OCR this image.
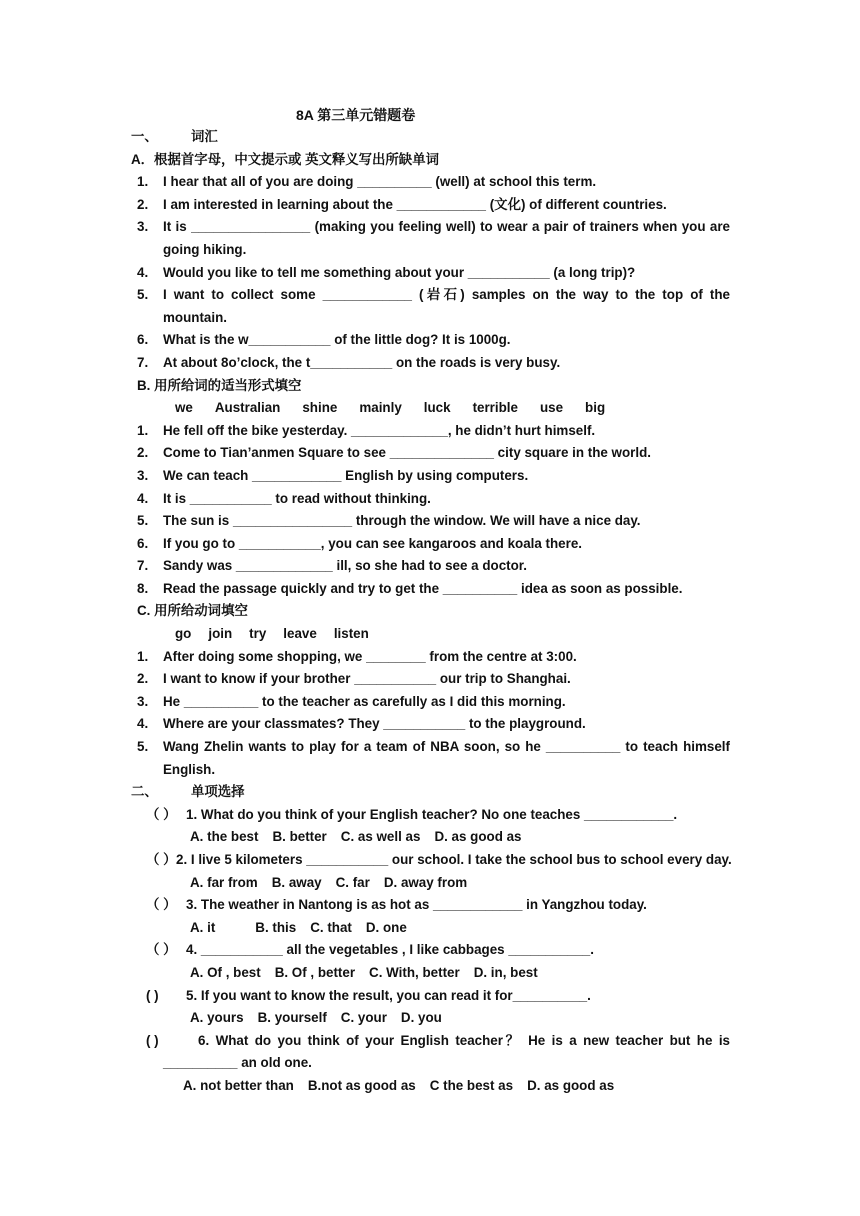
8A 第三单元错题卷
一、 词汇
A．根据首字母，中文提示或 英文释义写出所缺单词
1. I hear that all of you are doing __________ (well) at school this term.
2. I am interested in learning about the ____________ (文化) of different countries.
3. It is ________________ (making you feeling well) to wear a pair of trainers when you are
going hiking.
4. Would you like to tell me something about your ___________ (a long trip)?
5. I want to collect some ____________ (岩石) samples on the way to the top of the
mountain.
6. What is the w___________ of the little dog? It is 1000g.
7. At about 8o’clock, the t___________ on the roads is very busy.
B. 用所给词的适当形式填空
we Australian shine mainly luck terrible use big
1. He fell off the bike yesterday. _____________, he didn’t hurt himself.
2. Come to Tian’anmen Square to see ______________ city square in the world.
3. We can teach ____________ English by using computers.
4. It is ___________ to read without thinking.
5. The sun is ________________ through the window. We will have a nice day.
6. If you go to ___________, you can see kangaroos and koala there.
7. Sandy was _____________ ill, so she had to see a doctor.
8. Read the passage quickly and try to get the __________ idea as soon as possible.
C. 用所给动词填空
go join try leave listen
1. After doing some shopping, we ________ from the centre at 3:00.
2. I want to know if your brother ___________ our trip to Shanghai.
3. He __________ to the teacher as carefully as I did this morning.
4. Where are your classmates? They ___________ to the playground.
5. Wang Zhelin wants to play for a team of NBA soon, so he __________ to teach himself
English.
二、 单项选择
（ ） 1. What do you think of your English teacher? No one teaches ____________.
A. the best B. better C. as well as D. as good as
（ ）2. I live 5 kilometers ___________ our school. I take the school bus to school every day.
A. far from B. away C. far D. away from
（ ） 3. The weather in Nantong is as hot as ____________ in Yangzhou today.
A. it	B. this C. that D. one
（ ） 4. ___________ all the vegetables , I like cabbages ___________.
A. Of , best B. Of , better C. With, better D. in, best
( ) 5. If you want to know the result, you can read it for__________.
A. yours B. yourself C. your D. you
( )	6. What do you think of your English teacher？ He is a new teacher but he is
__________ an old one.
A. not better than B.not as good as C the best as D. as good as
